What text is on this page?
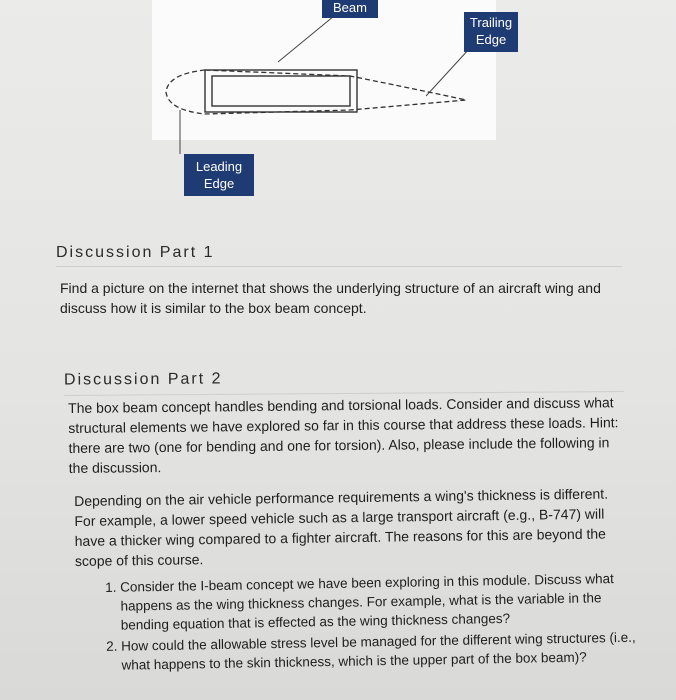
Beam
Trailing Edge
Leading Edge
Discussion Part 1

Find a picture on the internet that shows the underlying structure of an aircraft wing and discuss how it is similar to the box beam concept.

Discussion Part 2

The box beam concept handles bending and torsional loads. Consider and discuss what structural elements we have explored so far in this course that address these loads. Hint: there are two (one for bending and one for torsion). Also, please include the following in the discussion.

Depending on the air vehicle performance requirements a wing's thickness is different. For example, a lower speed vehicle such as a large transport aircraft (e.g., B-747) will have a thicker wing compared to a fighter aircraft. The reasons for this are beyond the scope of this course.

1. Consider the I-beam concept we have been exploring in this module. Discuss what happens as the wing thickness changes. For example, what is the variable in the bending equation that is effected as the wing thickness changes?
2. How could the allowable stress level be managed for the different wing structures (i.e., what happens to the skin thickness, which is the upper part of the box beam)?
